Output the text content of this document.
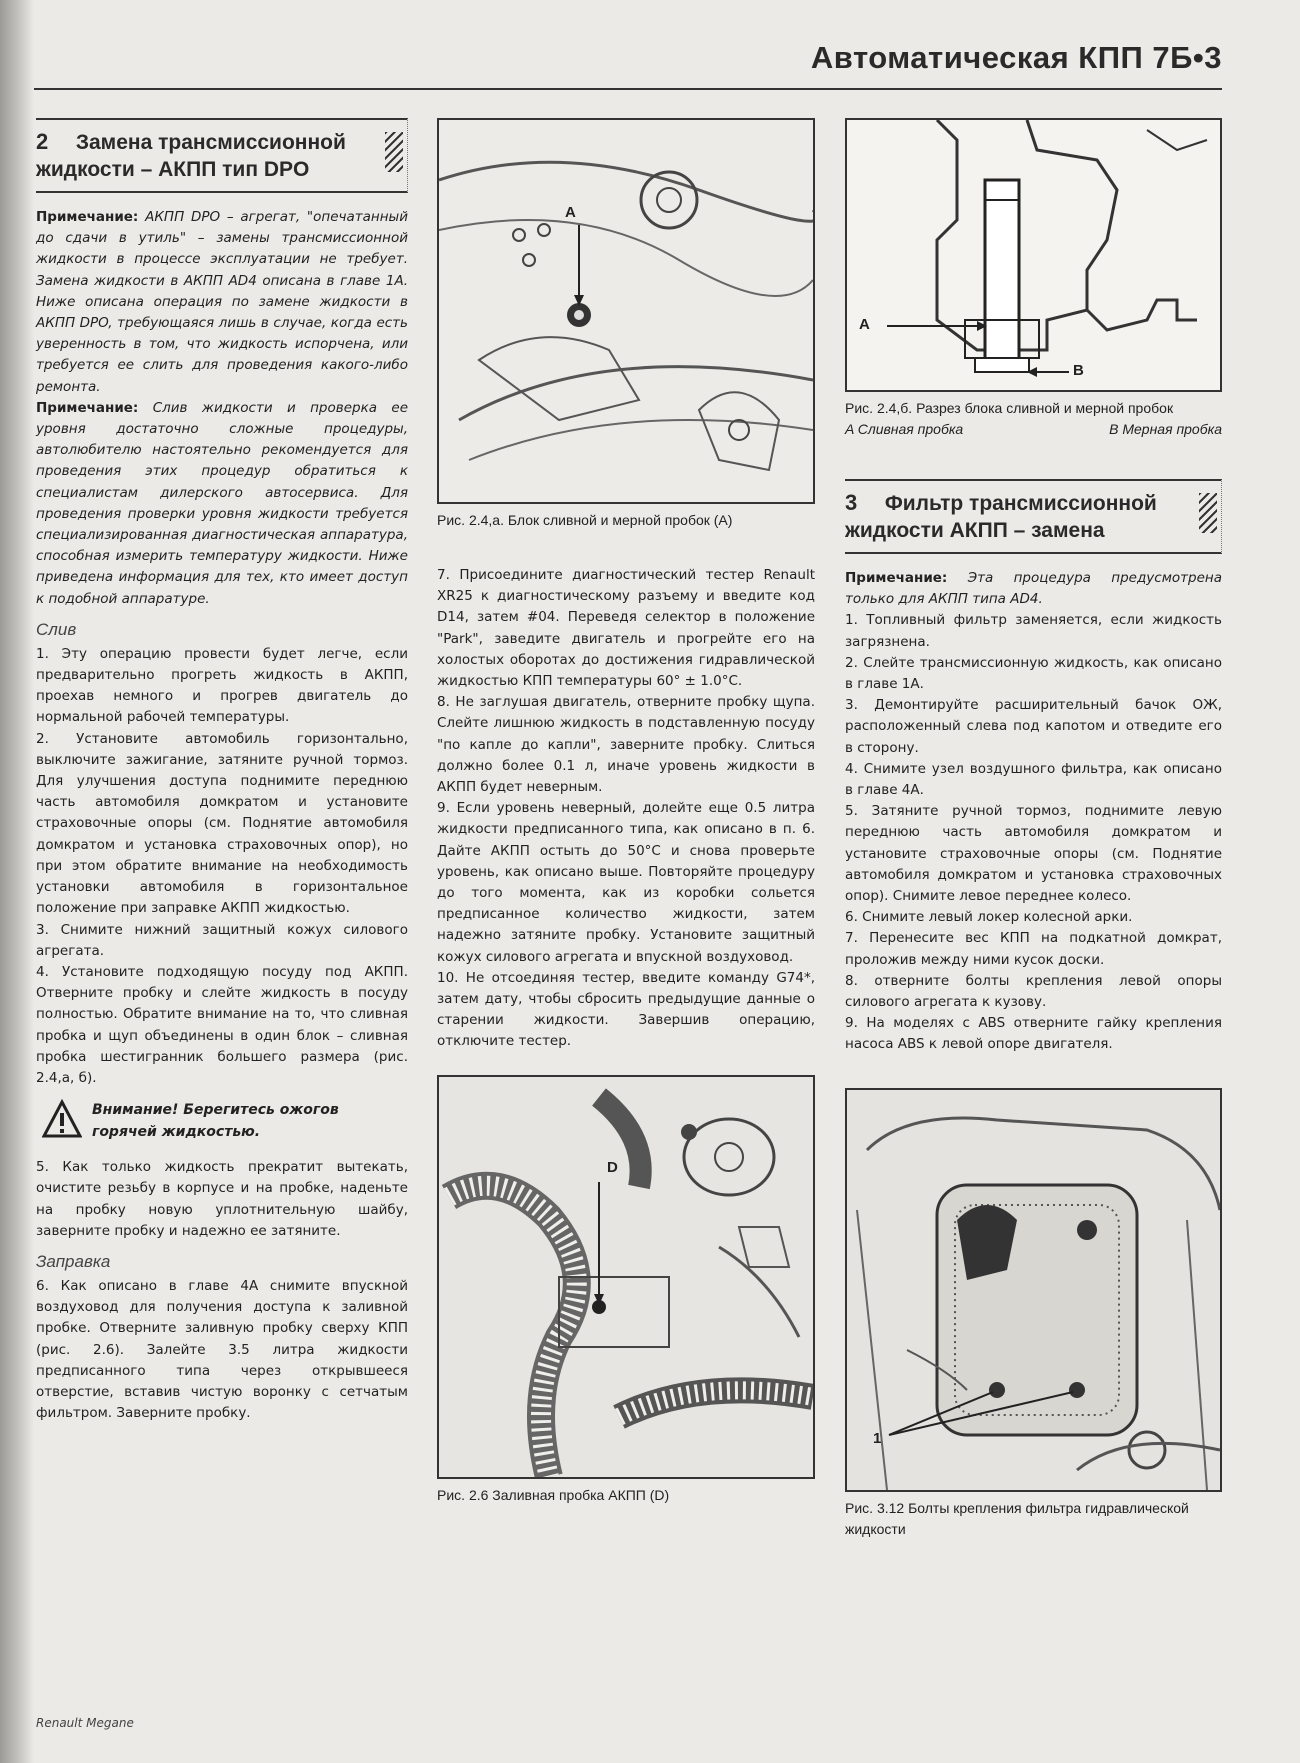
Автоматическая КПП 7Б•3
2 Замена трансмиссионной жидкости – АКПП тип DPO

Примечание: АКПП DPO – агрегат, "опечатанный до сдачи в утиль" – замены трансмиссионной жидкости в процессе эксплуатации не требует. Замена жидкости в АКПП AD4 описана в главе 1А. Ниже описана операция по замене жидкости в АКПП DPO, требующаяся лишь в случае, когда есть уверенность в том, что жидкость испорчена, или требуется ее слить для проведения какого-либо ремонта.

Примечание: Слив жидкости и проверка ее уровня достаточно сложные процедуры, автолюбителю настоятельно рекомендуется для проведения этих процедур обратиться к специалистам дилерского автосервиса. Для проведения проверки уровня жидкости требуется специализированная диагностическая аппаратура, способная измерить температуру жидкости. Ниже приведена информация для тех, кто имеет доступ к подобной аппаратуре.

Слив

1. Эту операцию провести будет легче, если предварительно прогреть жидкость в АКПП, проехав немного и прогрев двигатель до нормальной рабочей температуры.

2. Установите автомобиль горизонтально, выключите зажигание, затяните ручной тормоз. Для улучшения доступа поднимите переднюю часть автомобиля домкратом и установите страховочные опоры (см. Поднятие автомобиля домкратом и установка страховочных опор), но при этом обратите внимание на необходимость установки автомобиля в горизонтальное положение при заправке АКПП жидкостью.

3. Снимите нижний защитный кожух силового агрегата.

4. Установите подходящую посуду под АКПП. Отверните пробку и слейте жидкость в посуду полностью. Обратите внимание на то, что сливная пробка и щуп объединены в один блок – сливная пробка шестигранник большего размера (рис. 2.4,а, б).

Внимание! Берегитесь ожогов горячей жидкостью.

5. Как только жидкость прекратит вытекать, очистите резьбу в корпусе и на пробке, наденьте на пробку новую уплотнительную шайбу, заверните пробку и надежно ее затяните.

Заправка

6. Как описано в главе 4А снимите впускной воздуховод для получения доступа к заливной пробке. Отверните заливную пробку сверху КПП (рис. 2.6). Залейте 3.5 литра жидкости предписанного типа через открывшееся отверстие, вставив чистую воронку с сетчатым фильтром. Заверните пробку.

A
Рис. 2.4,а. Блок сливной и мерной пробок (А)

7. Присоедините диагностический тестер Renault XR25 к диагностическому разъему и введите код D14, затем #04. Переведя селектор в положение "Park", заведите двигатель и прогрейте его на холостых оборотах до достижения гидравлической жидкостью КПП температуры 60° ± 1.0°С.

8. Не заглушая двигатель, отверните пробку щупа. Слейте лишнюю жидкость в подставленную посуду "по капле до капли", заверните пробку. Слиться должно более 0.1 л, иначе уровень жидкости в АКПП будет неверным.

9. Если уровень неверный, долейте еще 0.5 литра жидкости предписанного типа, как описано в п. 6. Дайте АКПП остыть до 50°С и снова проверьте уровень, как описано выше. Повторяйте процедуру до того момента, как из коробки сольется предписанное количество жидкости, затем надежно затяните пробку. Установите защитный кожух силового агрегата и впускной воздуховод.

10. Не отсоединяя тестер, введите команду G74*, затем дату, чтобы сбросить предыдущие данные о старении жидкости. Завершив операцию, отключите тестер.

D
Рис. 2.6 Заливная пробка АКПП (D)
A
B
Рис. 2.4,б. Разрез блока сливной и мерной пробок
A Сливная пробка	B Мерная пробка
3 Фильтр трансмиссионной жидкости АКПП – замена

Примечание: Эта процедура предусмотрена только для АКПП типа AD4.

1. Топливный фильтр заменяется, если жидкость загрязнена.

2. Слейте трансмиссионную жидкость, как описано в главе 1А.

3. Демонтируйте расширительный бачок ОЖ, расположенный слева под капотом и отведите его в сторону.

4. Снимите узел воздушного фильтра, как описано в главе 4А.

5. Затяните ручной тормоз, поднимите левую переднюю часть автомобиля домкратом и установите страховочные опоры (см. Поднятие автомобиля домкратом и установка страховочных опор). Снимите левое переднее колесо.

6. Снимите левый локер колесной арки.

7. Перенесите вес КПП на подкатной домкрат, проложив между ними кусок доски.

8. отверните болты крепления левой опоры силового агрегата к кузову.

9. На моделях с ABS отверните гайку крепления насоса ABS к левой опоре двигателя.

1
Рис. 3.12 Болты крепления фильтра гидравлической жидкости
Renault Megane
